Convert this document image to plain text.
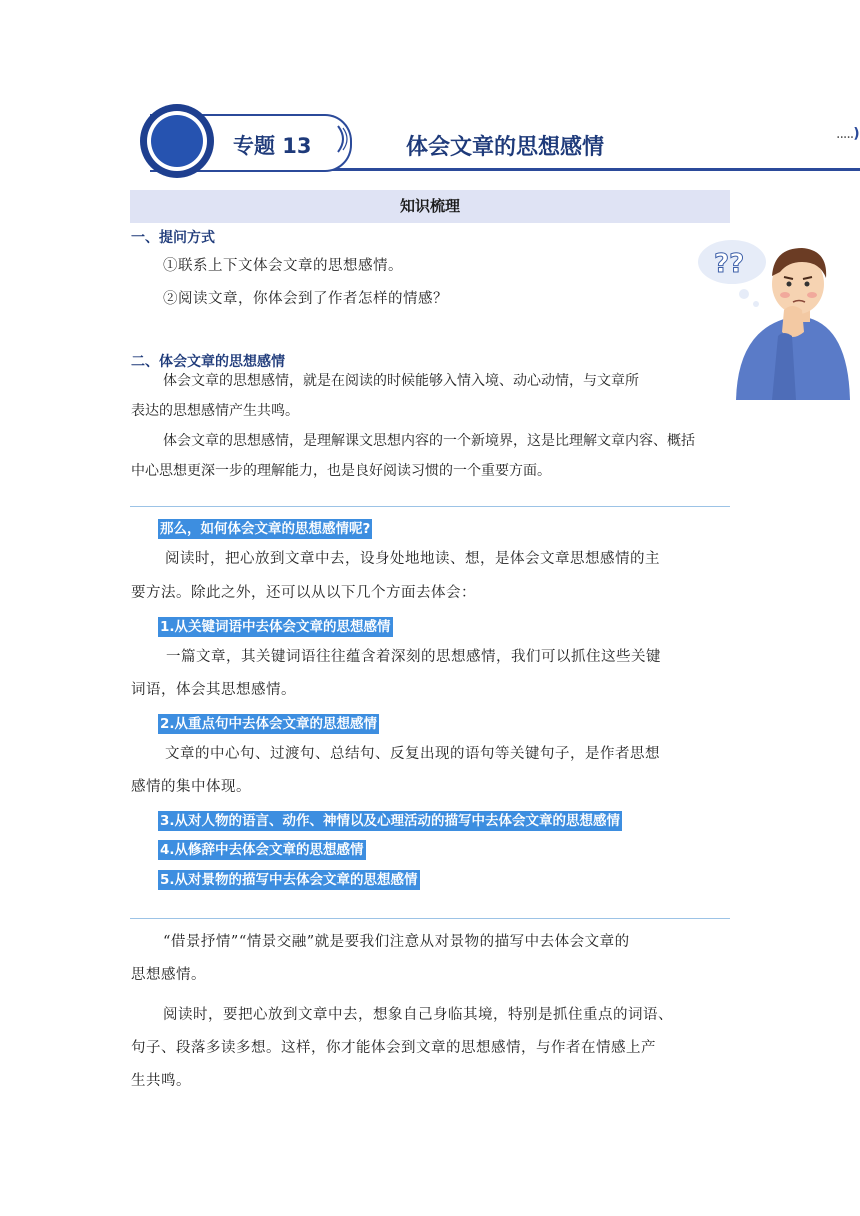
专题 13	体会文章的思想感情
.....)
知识梳理
一、提问方式
①联系上下文体会文章的思想感情。
②阅读文章，你体会到了作者怎样的情感？
??
二、体会文章的思想感情
体会文章的思想感情，就是在阅读的时候能够入情入境、动心动情，与文章所
表达的思想感情产生共鸣。
体会文章的思想感情，是理解课文思想内容的一个新境界，这是比理解文章内容、概括
中心思想更深一步的理解能力，也是良好阅读习惯的一个重要方面。
那么，如何体会文章的思想感情呢?
阅读时，把心放到文章中去，设身处地地读、想，是体会文章思想感情的主
要方法。除此之外，还可以从以下几个方面去体会：
1.从关键词语中去体会文章的思想感情
一篇文章，其关键词语往往蕴含着深刻的思想感情，我们可以抓住这些关键
词语，体会其思想感情。
2.从重点句中去体会文章的思想感情
文章的中心句、过渡句、总结句、反复出现的语句等关键句子，是作者思想
感情的集中体现。
3.从对人物的语言、动作、神情以及心理活动的描写中去体会文章的思想感情
4.从修辞中去体会文章的思想感情
5.从对景物的描写中去体会文章的思想感情
“借景抒情”“情景交融”就是要我们注意从对景物的描写中去体会文章的
思想感情。
阅读时，要把心放到文章中去，想象自己身临其境，特别是抓住重点的词语、
句子、段落多读多想。这样，你才能体会到文章的思想感情，与作者在情感上产
生共鸣。
